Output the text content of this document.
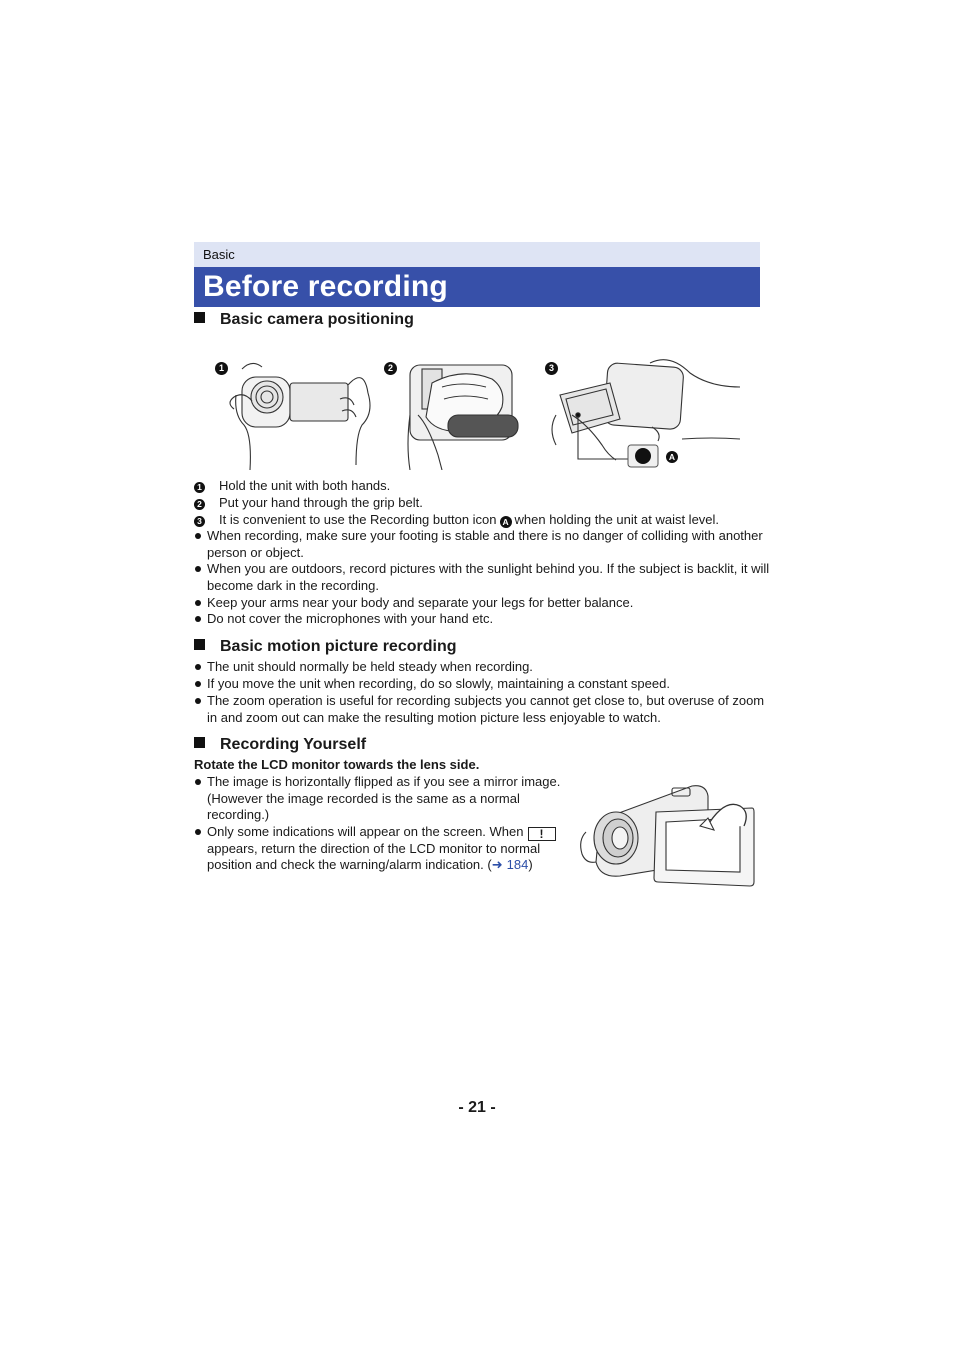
Basic
Before recording
Basic camera positioning
1	2	3
A
1 Hold the unit with both hands.
2 Put your hand through the grip belt.
3 It is convenient to use the Recording button icon A when holding the unit at waist level.
When recording, make sure your footing is stable and there is no danger of colliding with another
person or object.
When you are outdoors, record pictures with the sunlight behind you. If the subject is backlit, it will
become dark in the recording.
Keep your arms near your body and separate your legs for better balance.
Do not cover the microphones with your hand etc.
Basic motion picture recording
The unit should normally be held steady when recording.
If you move the unit when recording, do so slowly, maintaining a constant speed.
The zoom operation is useful for recording subjects you cannot get close to, but overuse of zoom
in and zoom out can make the resulting motion picture less enjoyable to watch.
Recording Yourself
Rotate the LCD monitor towards the lens side.
The image is horizontally flipped as if you see a mirror image.
(However the image recorded is the same as a normal
recording.)
Only some indications will appear on the screen. When !
appears, return the direction of the LCD monitor to normal
position and check the warning/alarm indication. (➜ 184)
- 21 -
